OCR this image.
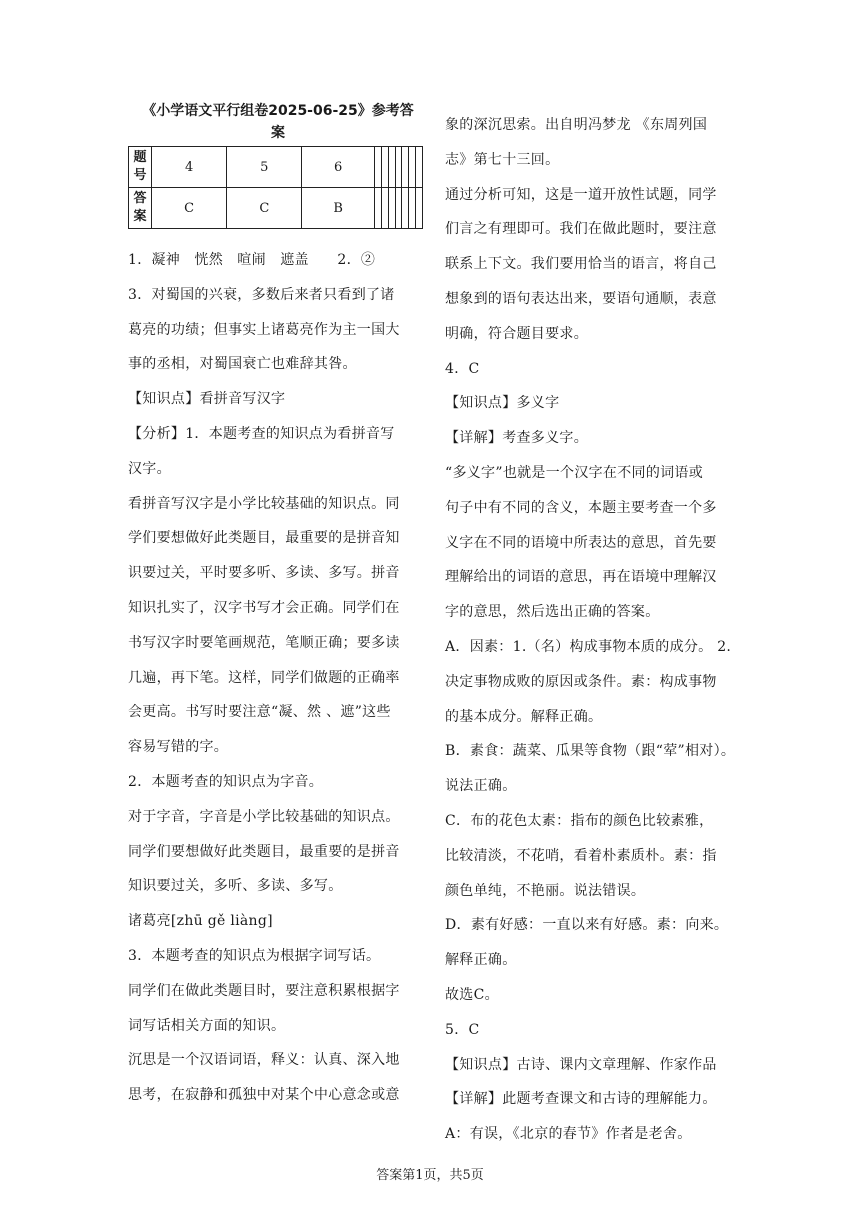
《小学语文平行组卷2025-06-25》参考答
案
题号	4	5	6							
答案	C	C	B							

1．凝神　恍然　喧闹　遮盖　　2．②

3．对蜀国的兴衰，多数后来者只看到了诸

葛亮的功绩；但事实上诸葛亮作为主一国大

事的丞相，对蜀国衰亡也难辞其咎。

【知识点】看拼音写汉字

【分析】1．本题考查的知识点为看拼音写

汉字。

看拼音写汉字是小学比较基础的知识点。同

学们要想做好此类题目，最重要的是拼音知

识要过关，平时要多听、多读、多写。拼音

知识扎实了，汉字书写才会正确。同学们在

书写汉字时要笔画规范，笔顺正确；要多读

几遍，再下笔。这样，同学们做题的正确率

会更高。书写时要注意“凝、然 、遮”这些

容易写错的字。

2．本题考查的知识点为字音。

对于字音，字音是小学比较基础的知识点。

同学们要想做好此类题目，最重要的是拼音

知识要过关，多听、多读、多写。

诸葛亮[zhū gě liàng]

3．本题考查的知识点为根据字词写话。

同学们在做此类题目时，要注意积累根据字

词写话相关方面的知识。

沉思是一个汉语词语，释义：认真、深入地

思考，在寂静和孤独中对某个中心意念或意

象的深沉思索。出自明冯梦龙 《东周列国

志》第七十三回。

通过分析可知，这是一道开放性试题，同学

们言之有理即可。我们在做此题时，要注意

联系上下文。我们要用恰当的语言，将自己

想象到的语句表达出来，要语句通顺，表意

明确，符合题目要求。

4．C

【知识点】多义字

【详解】考查多义字。

“多义字”也就是一个汉字在不同的词语或

句子中有不同的含义，本题主要考查一个多

义字在不同的语境中所表达的意思，首先要

理解给出的词语的意思，再在语境中理解汉

字的意思，然后选出正确的答案。

A．因素：1.（名）构成事物本质的成分。 2.

决定事物成败的原因或条件。素：构成事物

的基本成分。解释正确。

B．素食：蔬菜、瓜果等食物（跟“荤”相对）。

说法正确。

C．布的花色太素：指布的颜色比较素雅，

比较清淡，不花哨，看着朴素质朴。素：指

颜色单纯，不艳丽。说法错误。

D．素有好感：一直以来有好感。素：向来。

解释正确。

故选C。

5．C

【知识点】古诗、课内文章理解、作家作品

【详解】此题考查课文和古诗的理解能力。

A：有误，《北京的春节》作者是老舍。

答案第1页，共5页
